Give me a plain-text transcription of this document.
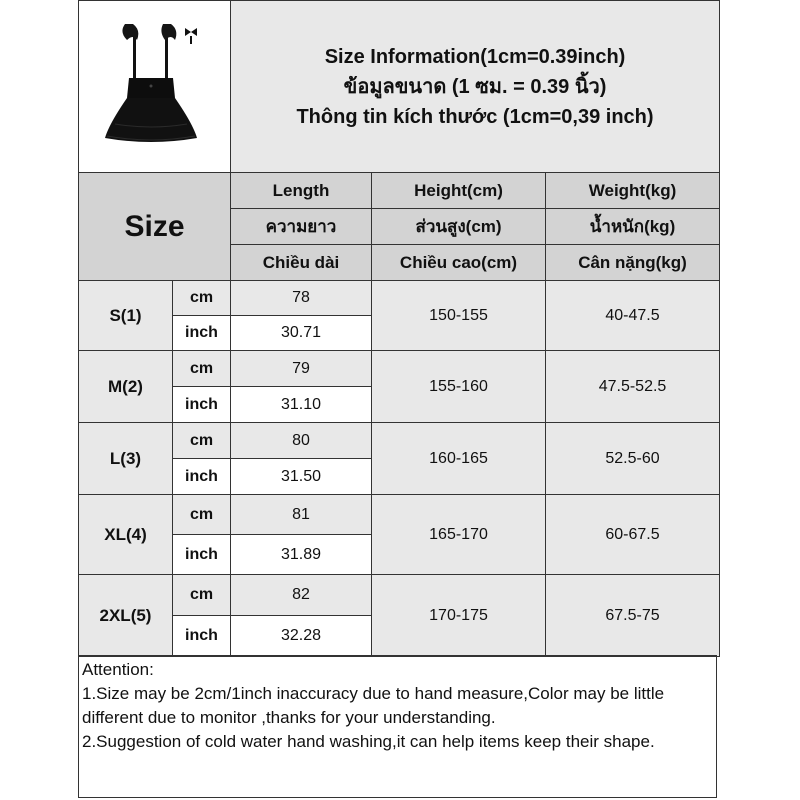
Size Information(1cm=0.39inch)
ข้อมูลขนาด (1 ซม. = 0.39 นิ้ว)
Thông tin kích thước (1cm=0,39 inch)		

Size		Length	Height(cm)	Weight(kg)
		ความยาว	ส่วนสูง(cm)	น้ำหนัก(kg)
		Chiều dài	Chiều cao(cm)	Cân nặng(kg)
S(1)	cm	78	150-155	40-47.5
	inch	30.71		
M(2)	cm	79	155-160	47.5-52.5
	inch	31.10		
L(3)	cm	80	160-165	52.5-60
	inch	31.50		
XL(4)	cm	81	165-170	60-67.5
	inch	31.89		
2XL(5)	cm	82	170-175	67.5-75
	inch	32.28		
Attention:
1.Size may be 2cm/1inch inaccuracy due to hand measure,Color may be little different due to monitor ,thanks for your understanding.
2.Suggestion of cold water hand washing,it can help items keep their shape.
